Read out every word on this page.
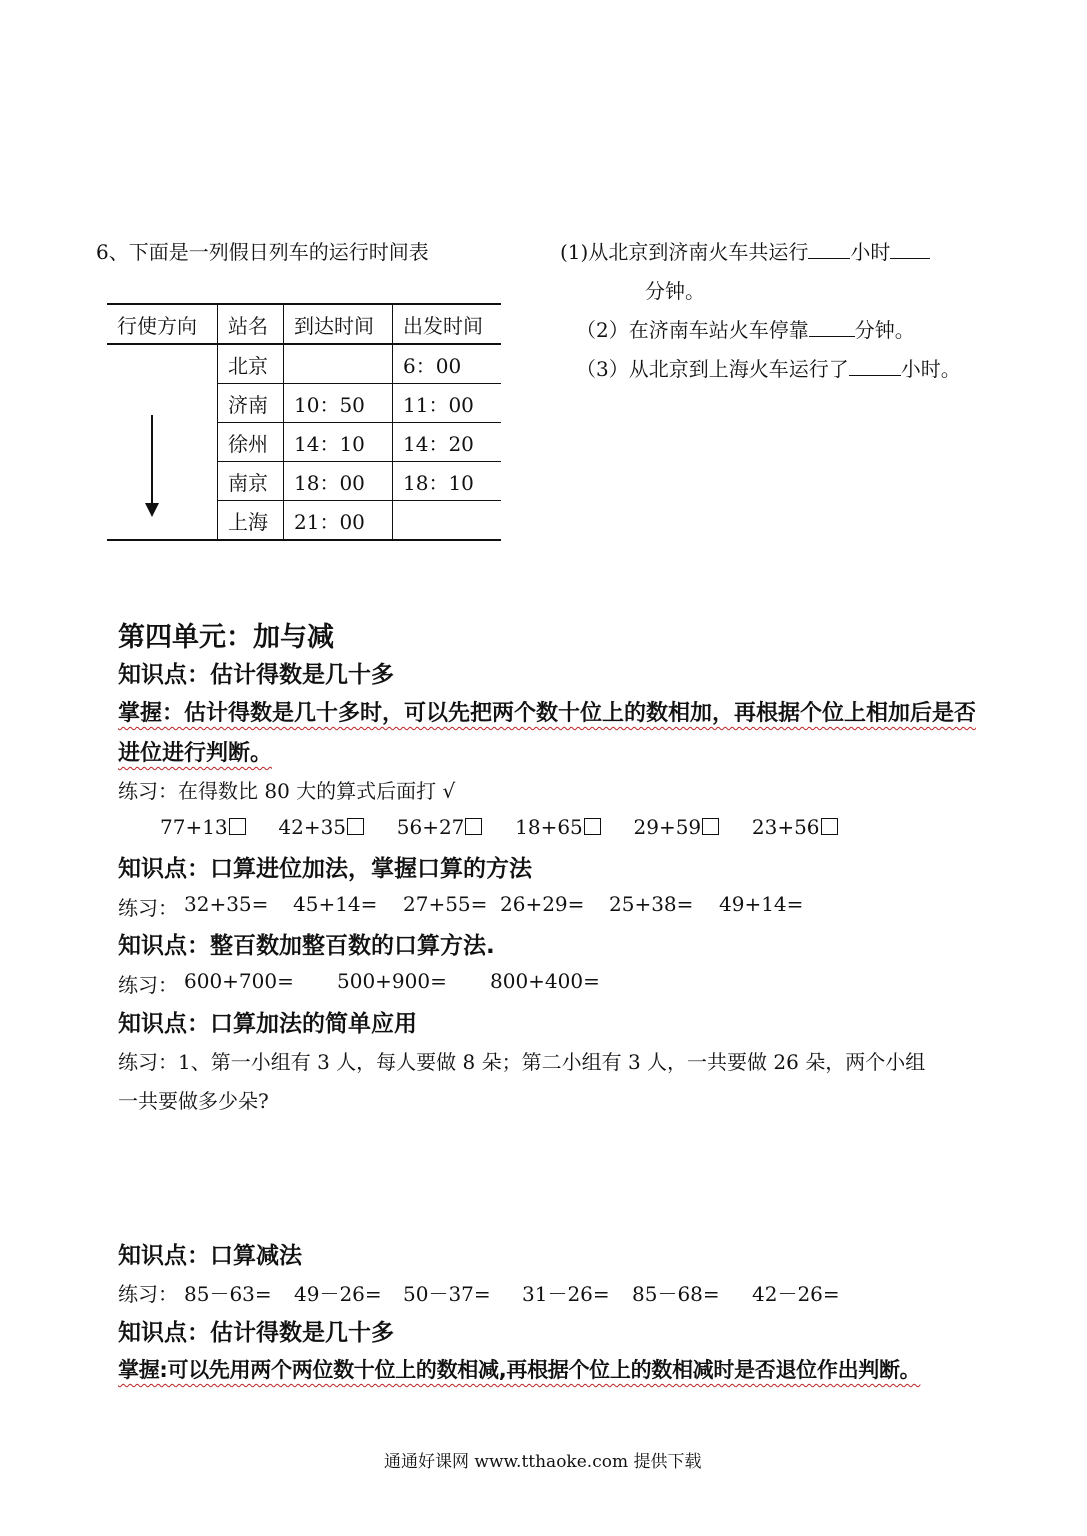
6、下面是一列假日列车的运行时间表	(1)从北京到济南火车共运行 小时
分钟。
（2）在济南车站火车停靠 分钟。
（3）从北京到上海火车运行了	小时。
行使方向	站名	到达时间	出发时间

	北京		6：00
	济南	10：50	11：00
	徐州	14：10	14：20
	南京	18：00	18：10
	上海	21：00	
第四单元：加与减
知识点：估计得数是几十多
掌握：估计得数是几十多时，可以先把两个数十位上的数相加，再根据个位上相加后是否
进位进行判断。
练习：在得数比 80 大的算式后面打 √
77+13	42+35	56+27	18+65	29+59	23+56
知识点：口算进位加法，掌握口算的方法
练习： 32+35= 45+14= 27+55= 26+29= 25+38= 49+14=
知识点：整百数加整百数的口算方法.
练习： 600+700= 500+900= 800+400=
知识点：口算加法的简单应用
练习：1、第一小组有 3 人，每人要做 8 朵；第二小组有 3 人，一共要做 26 朵，两个小组
一共要做多少朵?
知识点：口算减法
练习： 85－63= 49－26= 50－37= 31－26= 85－68= 42－26=
知识点：估计得数是几十多
掌握:可以先用两个两位数十位上的数相减,再根据个位上的数相减时是否退位作出判断。
通通好课网 www.tthaoke.com 提供下载
